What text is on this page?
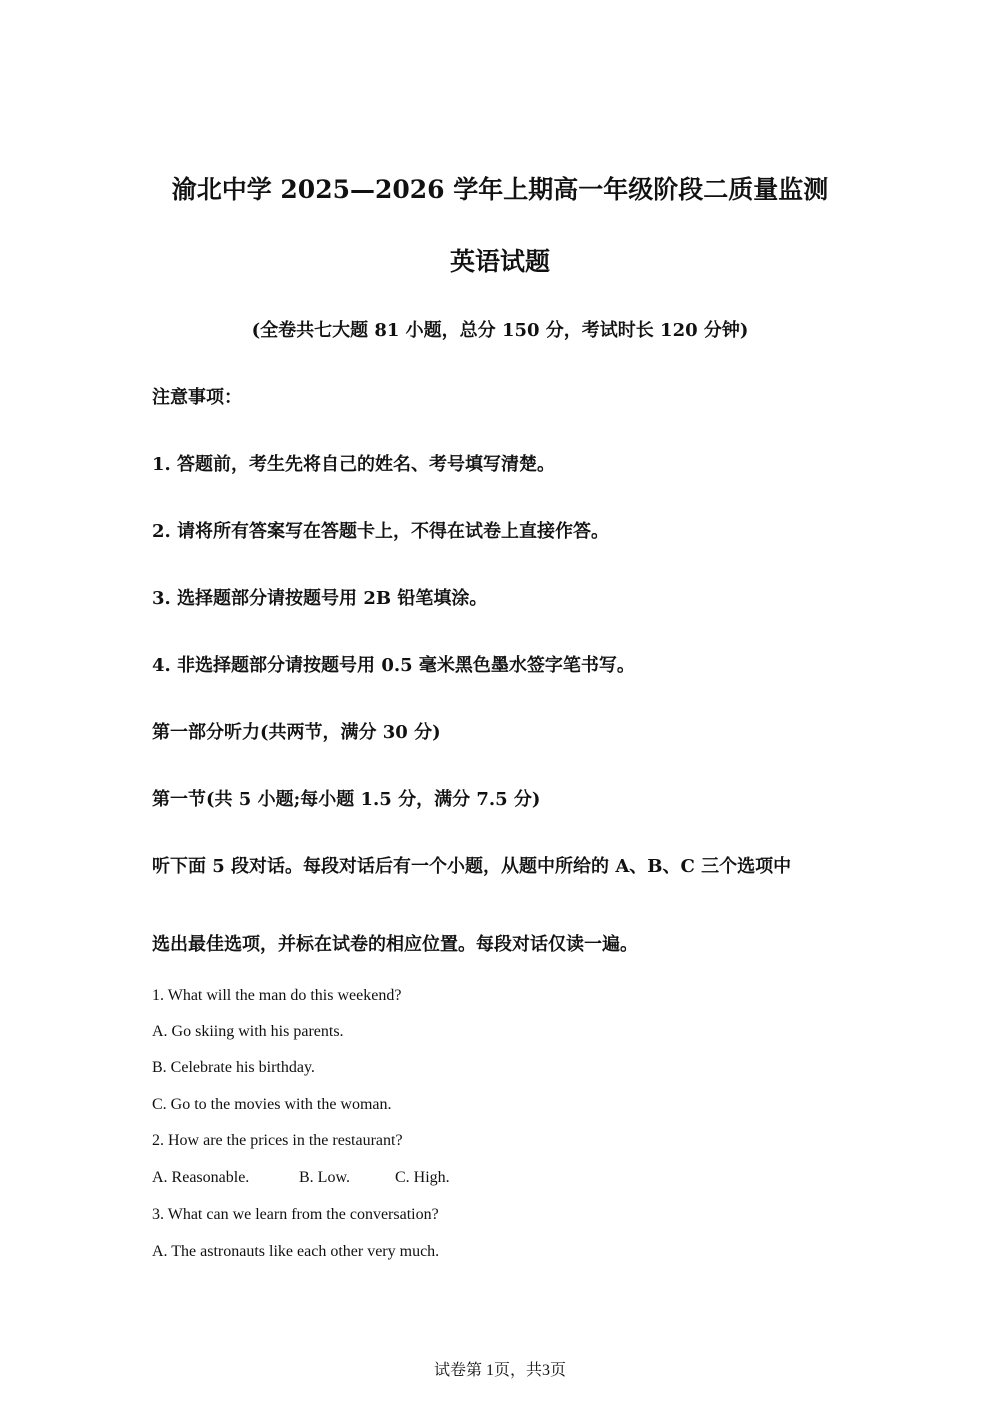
渝北中学 2025—2026 学年上期高一年级阶段二质量监测
英语试题
(全卷共七大题 81 小题，总分 150 分，考试时长 120 分钟)
注意事项：
1. 答题前，考生先将自己的姓名、考号填写清楚。
2. 请将所有答案写在答题卡上，不得在试卷上直接作答。
3. 选择题部分请按题号用 2B 铅笔填涂。
4. 非选择题部分请按题号用 0.5 毫米黑色墨水签字笔书写。
第一部分听力(共两节，满分 30 分)
第一节(共 5 小题;每小题 1.5 分，满分 7.5 分)
听下面 5 段对话。每段对话后有一个小题，从题中所给的 A、B、C 三个选项中
选出最佳选项，并标在试卷的相应位置。每段对话仅读一遍。
1. What will the man do this weekend?
A. Go skiing with his parents.
B. Celebrate his birthday.
C. Go to the movies with the woman.
2. How are the prices in the restaurant?
A. Reasonable.	B. Low.	C. High.
3. What can we learn from the conversation?
A. The astronauts like each other very much.
试卷第 1页，共3页
